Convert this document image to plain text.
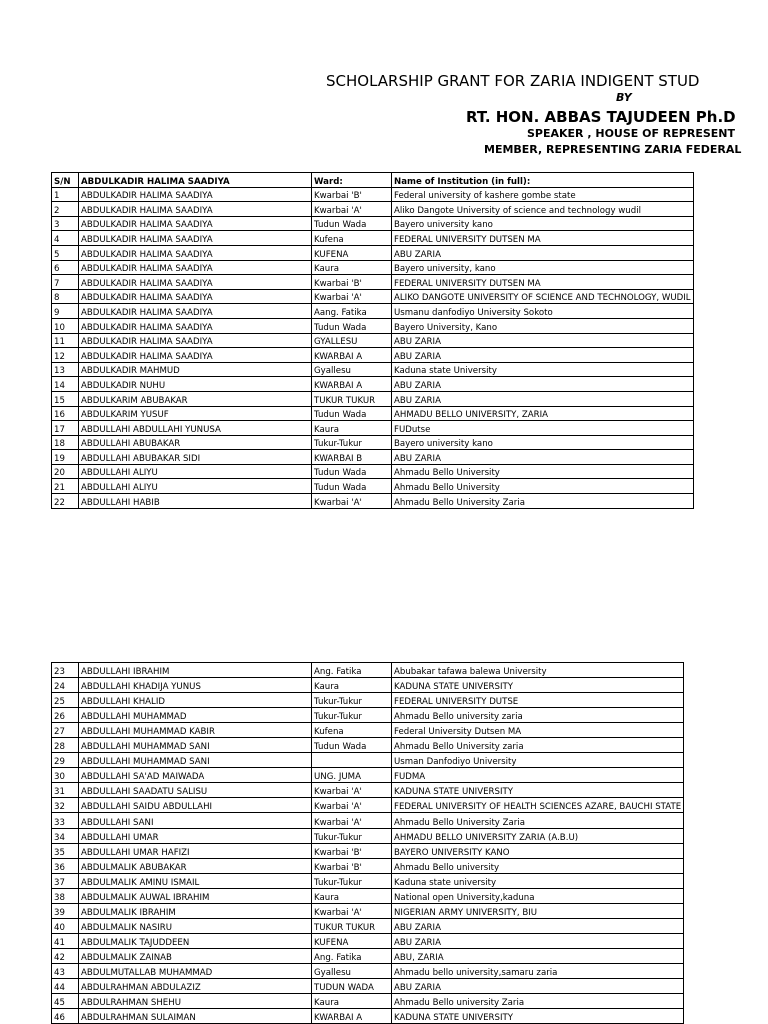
SCHOLARSHIP GRANT FOR ZARIA INDIGENT STUD
BY
RT. HON. ABBAS TAJUDEEN Ph.D
SPEAKER , HOUSE OF REPRESENT
MEMBER, REPRESENTING ZARIA FEDERAL
S/N	ABDULKADIR HALIMA SAADIYA	Ward:	Name of Institution (in full):
1	ABDULKADIR HALIMA SAADIYA	Kwarbai 'B'	Federal university of kashere gombe state
2	ABDULKADIR HALIMA SAADIYA	Kwarbai 'A'	Aliko Dangote University of science and technology wudil
3	ABDULKADIR HALIMA SAADIYA	Tudun Wada	Bayero university kano
4	ABDULKADIR HALIMA SAADIYA	Kufena	FEDERAL UNIVERSITY DUTSEN MA
5	ABDULKADIR HALIMA SAADIYA	KUFENA	ABU ZARIA
6	ABDULKADIR HALIMA SAADIYA	Kaura	Bayero university, kano
7	ABDULKADIR HALIMA SAADIYA	Kwarbai 'B'	FEDERAL UNIVERSITY DUTSEN MA
8	ABDULKADIR HALIMA SAADIYA	Kwarbai 'A'	ALIKO DANGOTE UNIVERSITY OF SCIENCE AND TECHNOLOGY, WUDIL
9	ABDULKADIR HALIMA SAADIYA	Aang. Fatika	Usmanu danfodiyo University Sokoto
10	ABDULKADIR HALIMA SAADIYA	Tudun Wada	Bayero University, Kano
11	ABDULKADIR HALIMA SAADIYA	GYALLESU	ABU ZARIA
12	ABDULKADIR HALIMA SAADIYA	KWARBAI A	ABU ZARIA
13	ABDULKADIR MAHMUD	Gyallesu	Kaduna state University
14	ABDULKADIR NUHU	KWARBAI A	ABU ZARIA
15	ABDULKARIM ABUBAKAR	TUKUR TUKUR	ABU ZARIA
16	ABDULKARIM YUSUF	Tudun Wada	AHMADU BELLO UNIVERSITY, ZARIA
17	ABDULLAHI ABDULLAHI YUNUSA	Kaura	FUDutse
18	ABDULLAHI ABUBAKAR	Tukur-Tukur	Bayero university kano
19	ABDULLAHI ABUBAKAR SIDI	KWARBAI B	ABU ZARIA
20	ABDULLAHI ALIYU	Tudun Wada	Ahmadu Bello University
21	ABDULLAHI ALIYU	Tudun Wada	Ahmadu Bello University
22	ABDULLAHI HABIB	Kwarbai 'A'	Ahmadu Bello University Zaria
23	ABDULLAHI IBRAHIM	Ang. Fatika	Abubakar tafawa balewa University
24	ABDULLAHI KHADIJA YUNUS	Kaura	KADUNA STATE UNIVERSITY
25	ABDULLAHI KHALID	Tukur-Tukur	FEDERAL UNIVERSITY DUTSE
26	ABDULLAHI MUHAMMAD	Tukur-Tukur	Ahmadu Bello university zaria
27	ABDULLAHI MUHAMMAD KABIR	Kufena	Federal University Dutsen MA
28	ABDULLAHI MUHAMMAD SANI	Tudun Wada	Ahmadu Bello University zaria
29	ABDULLAHI MUHAMMAD SANI		Usman Danfodiyo University
30	ABDULLAHI SA'AD MAIWADA	UNG. JUMA	FUDMA
31	ABDULLAHI SAADATU SALISU	Kwarbai 'A'	KADUNA STATE UNIVERSITY
32	ABDULLAHI SAIDU ABDULLAHI	Kwarbai 'A'	FEDERAL UNIVERSITY OF HEALTH SCIENCES AZARE, BAUCHI STATE
33	ABDULLAHI SANI	Kwarbai 'A'	Ahmadu Bello University Zaria
34	ABDULLAHI UMAR	Tukur-Tukur	AHMADU BELLO UNIVERSITY ZARIA (A.B.U)
35	ABDULLAHI UMAR HAFIZI	Kwarbai 'B'	BAYERO UNIVERSITY KANO
36	ABDULMALIK ABUBAKAR	Kwarbai 'B'	Ahmadu Bello university
37	ABDULMALIK AMINU ISMAIL	Tukur-Tukur	Kaduna state university
38	ABDULMALIK AUWAL IBRAHIM	Kaura	National open University,kaduna
39	ABDULMALIK IBRAHIM	Kwarbai 'A'	NIGERIAN ARMY UNIVERSITY, BIU
40	ABDULMALIK NASIRU	TUKUR TUKUR	ABU ZARIA
41	ABDULMALIK TAJUDDEEN	KUFENA	ABU ZARIA
42	ABDULMALIK ZAINAB	Ang. Fatika	ABU, ZARIA
43	ABDULMUTALLAB MUHAMMAD	Gyallesu	Ahmadu bello university,samaru zaria
44	ABDULRAHMAN ABDULAZIZ	TUDUN WADA	ABU ZARIA
45	ABDULRAHMAN SHEHU	Kaura	Ahmadu Bello university Zaria
46	ABDULRAHMAN SULAIMAN	KWARBAI A	KADUNA STATE UNIVERSITY
